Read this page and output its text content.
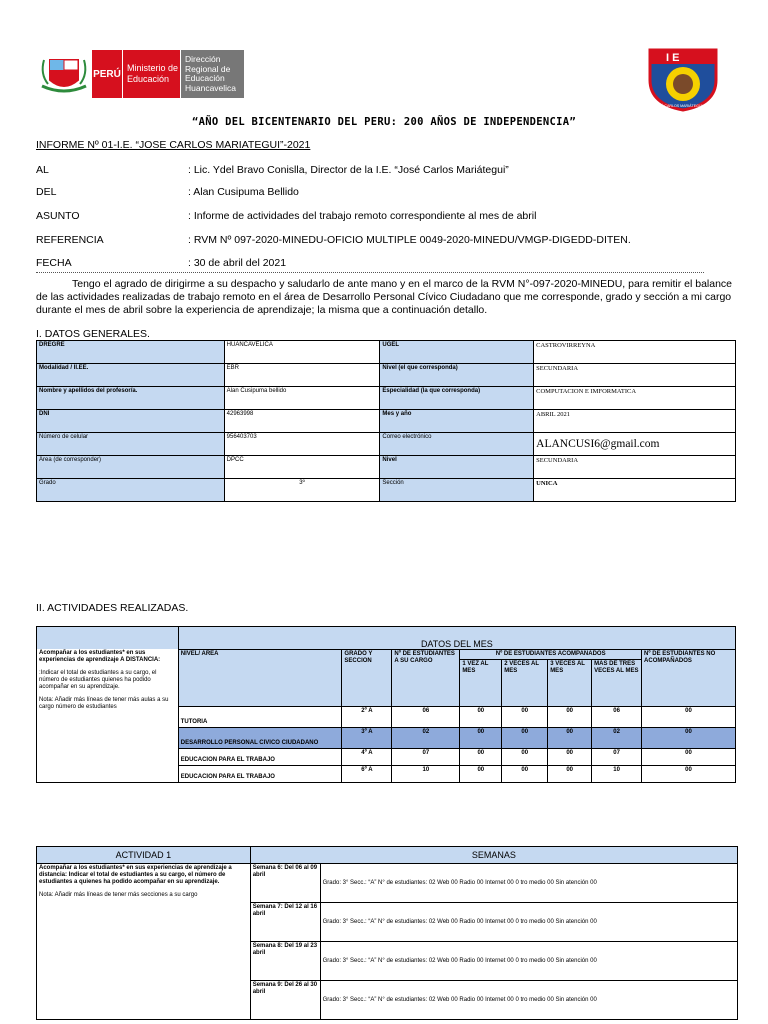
PERÚ
Ministerio de Educación
Dirección Regional de Educación Huancavelica
I E
JOSÉ CARLOS MARIÁTEGUI
“AÑO DEL BICENTENARIO DEL PERU: 200 AÑOS DE INDEPENDENCIA”
INFORME Nº 01-I.E. “JOSE CARLOS MARIATEGUI”-2021
AL	: Lic. Ydel Bravo Conislla, Director de la I.E. “José Carlos Mariátegui”
DEL	: Alan Cusipuma Bellido
ASUNTO	: Informe de actividades del trabajo remoto correspondiente al mes de abril
REFERENCIA	: RVM Nº 097-2020-MINEDU-OFICIO MULTIPLE 0049-2020-MINEDU/VMGP-DIGEDD-DITEN.
FECHA	: 30 de abril del 2021
Tengo el agrado de dirigirme a su despacho y saludarlo de ante mano y en el marco de la RVM N°-097-2020-MINEDU, para remitir el balance de las actividades realizadas de trabajo remoto en el área de Desarrollo Personal Cívico Ciudadano que me corresponde, grado y sección a mi cargo durante el mes de abril sobre la experiencia de aprendizaje; la misma que a continuación detallo.
I. DATOS GENERALES.
DREGRE	HUANCAVELICA	UGEL	CASTROVIRREYNA
Modalidad / II.EE.	EBR	Nivel (el que corresponda)	SECUNDARIA
Nombre y apellidos del profesor/a.	Alan Cusipuma bellido	Especialidad (la que corresponda)	COMPUTACION E IMFORMATICA
DNI	42963998	Mes y año	ABRIL 2021
Número de celular	956403703	Correo electrónico	ALANCUSI6@gmail.com
Área (de corresponder)	DPCC	Nivel	SECUNDARIA
Grado	3º	Sección	UNICA
II. ACTIVIDADES REALIZADAS.
	DATOS DEL MES							

Acompañar a los estudiantes* en sus experiencias de aprendizaje A DISTANCIA:
:Indicar el total de estudiantes a su cargo, el número de estudiantes quienes ha podido acompañar en su aprendizaje.
Nota: Añadir más líneas de tener más aulas a su cargo número de estudiantes	NIVEL/ AREA	GRADO Y SECCION	Nº DE ESTUDIANTES A SU CARGO	Nº DE ESTUDIANTES ACOMPAÑADOS				Nº DE ESTUDIANTES NO ACOMPAÑADOS
				1 VEZ AL MES	2 VECES AL MES	3 VECES AL MES	MAS DE TRES VECES AL MES	
	TUTORIA	2º A	06	00	00	00	06	00
	DESARROLLO PERSONAL CIVICO CIUDADANO	3º A	02	00	00	00	02	00
	EDUCACION PARA EL TRABAJO	4º A	07	00	00	00	07	00
	EDUCACION PARA EL TRABAJO	6º A	10	00	00	00	10	00
ACTIVIDAD 1	SEMANAS	

Acompañar a los estudiantes* en sus experiencias de aprendizaje a distancia: Indicar el total de estudiantes a su cargo, el número de estudiantes a quienes ha podido acompañar en su aprendizaje.
Nota: Añadir más líneas de tener más secciones a su cargo	Semana 6: Del 06 al 09 abril	Grado: 3° Secc.: “A” N° de estudiantes: 02 Web 00 Radio 00 Internet 00 0 tro medio 00 Sin atención 00
	Semana 7: Del 12 al 16 abril	Grado: 3° Secc.: “A” N° de estudiantes: 02 Web 00 Radio 00 Internet 00 0 tro medio 00 Sin atención 00
	Semana 8: Del 19 al 23 abril	Grado: 3° Secc.: “A” N° de estudiantes: 02 Web 00 Radio 00 Internet 00 0 tro medio 00 Sin atención 00
	Semana 9: Del 26 al 30 abril	Grado: 3° Secc.: “A” N° de estudiantes: 02 Web 00 Radio 00 Internet 00 0 tro medio 00 Sin atención 00
